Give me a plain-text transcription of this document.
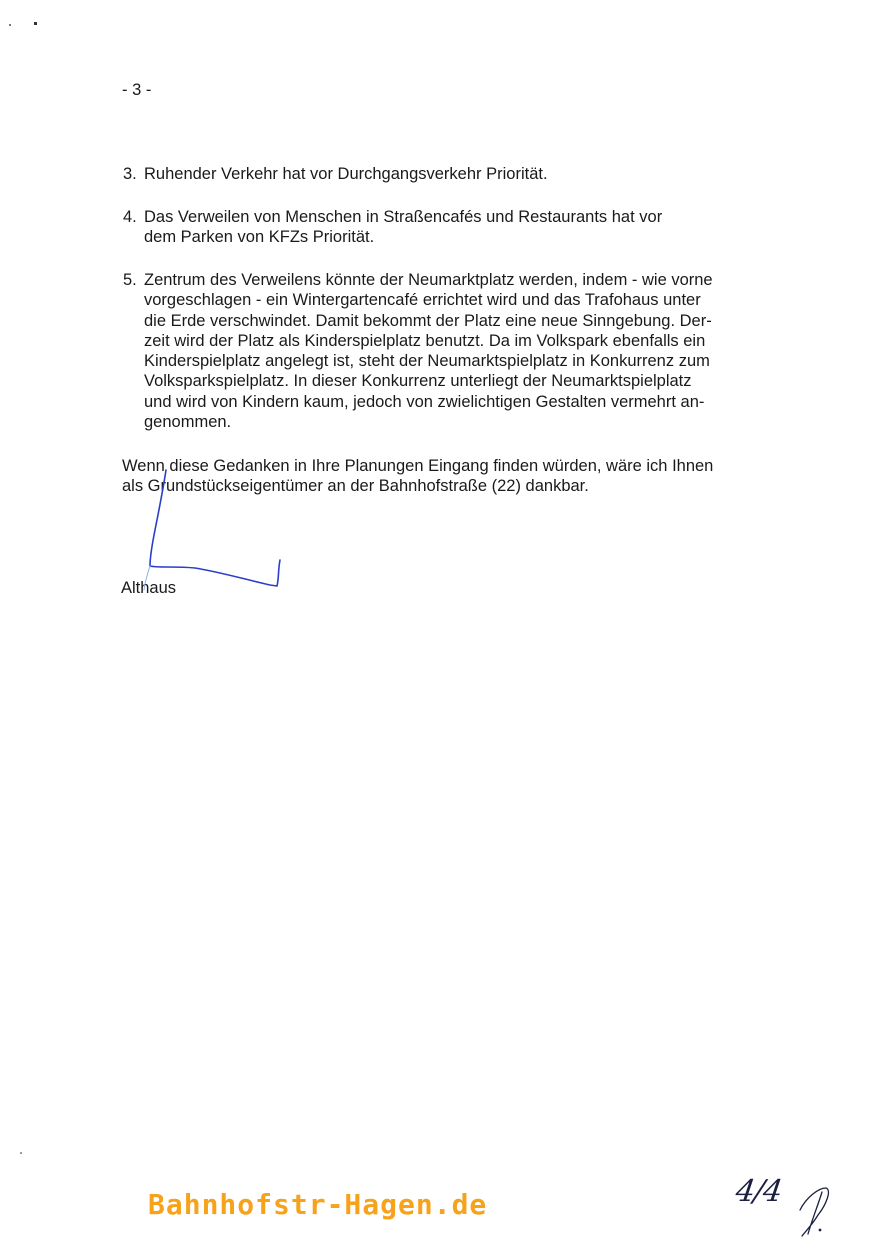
- 3 -
3. Ruhender Verkehr hat vor Durchgangsverkehr Priorität.
4. Das Verweilen von Menschen in Straßencafés und Restaurants hat vor
dem Parken von KFZs Priorität.
5. Zentrum des Verweilens könnte der Neumarktplatz werden, indem - wie vorne
vorgeschlagen - ein Wintergartencafé errichtet wird und das Trafohaus unter
die Erde verschwindet. Damit bekommt der Platz eine neue Sinngebung. Der-
zeit wird der Platz als Kinderspielplatz benutzt. Da im Volkspark ebenfalls ein
Kinderspielplatz angelegt ist, steht der Neumarktspielplatz in Konkurrenz zum
Volksparkspielplatz. In dieser Konkurrenz unterliegt der Neumarktspielplatz
und wird von Kindern kaum, jedoch von zwielichtigen Gestalten vermehrt an-
genommen.
Wenn diese Gedanken in Ihre Planungen Eingang finden würden, wäre ich Ihnen
als Grundstückseigentümer an der Bahnhofstraße (22) dankbar.
Althaus
4/4
Bahnhofstr-Hagen.de
